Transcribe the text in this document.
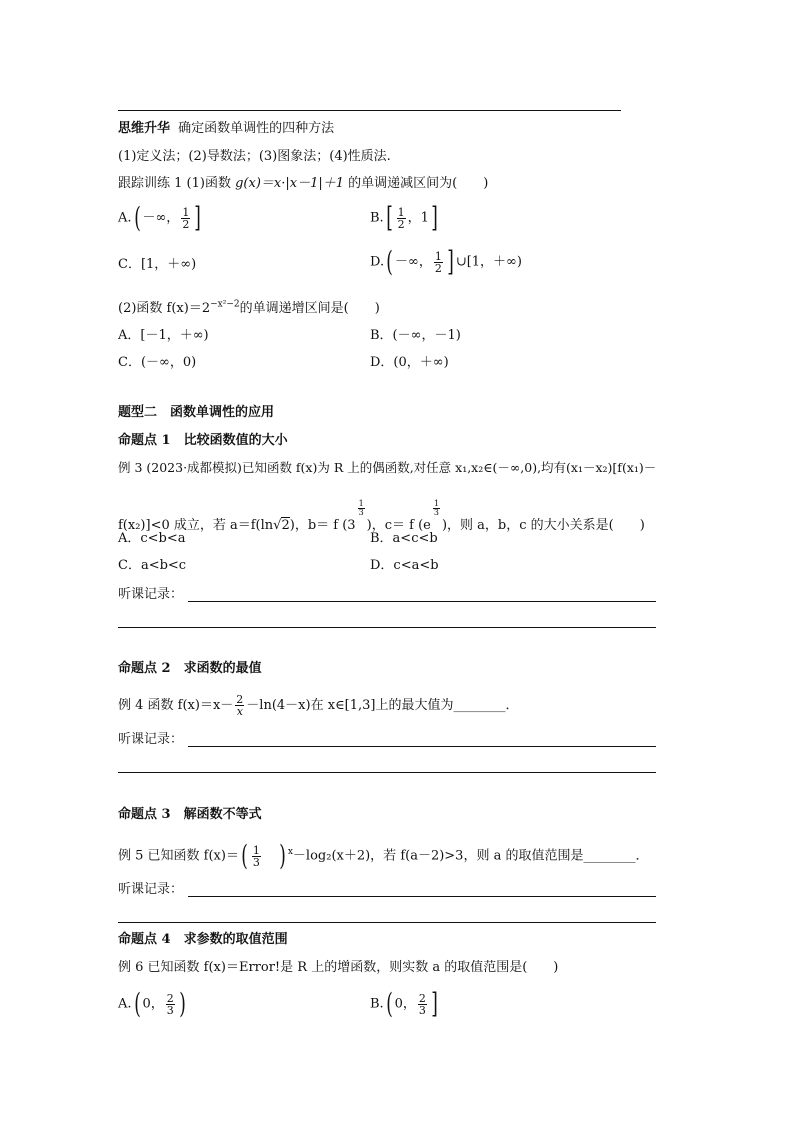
思维升华 确定函数单调性的四种方法
(1)定义法；(2)导数法；(3)图象法；(4)性质法.
跟踪训练 1 (1)函数 g(x)＝x·|x－1|＋1 的单调递减区间为(　　)
A.( －∞， $\frac{1}{2}$ ]	$B.[ \frac{1}{2}$ ，1]
C．[1，＋∞)	D.( －∞， $\frac{1}{2}$ ] ∪[1，＋∞)
(2)函数 $f(x)=2^{-x^2-2}$的单调递增区间是(　　)
A．[－1，＋∞)	B．(－∞，－1)
C．(－∞，0)	D．(0，＋∞)
题型二　函数单调性的应用
命题点 1　比较函数值的大小
例 3 (2023·成都模拟)已知函数 f(x)为 R 上的偶函数,对任意 x₁,x₂∈(－∞,0),均有(x₁－x₂)[f(x₁)－
f(x₂)]<0 成立，若 a＝f(ln√2)，b＝ f (3
$\frac{1}{3}$
)，c＝ f (e
$\frac{1}{3}$
)，则 a，b，c 的大小关系是(　　)
A．c<b<a	B．a<c<b
C．a<b<c	D．c<a<b
听课记录：
命题点 2　求函数的最值
例 4 函数 $f(x)=x- \frac{2}{x} -\ln(4-x)$在 x∈[1,3]上的最大值为________．
听课记录：
命题点 3　解函数不等式
例 5 已知函数 $f(x)=( \frac{1}{3}$ ) $^x$－log₂(x＋2)，若 f(a－2)>3，则 a 的取值范围是________．
听课记录：
命题点 4　求参数的取值范围
例 6 已知函数 f(x)＝Error!是 R 上的增函数，则实数 a 的取值范围是(　　)
A.( 0， $\frac{2}{3}$ )	B.( 0， $\frac{2}{3}$ ]
